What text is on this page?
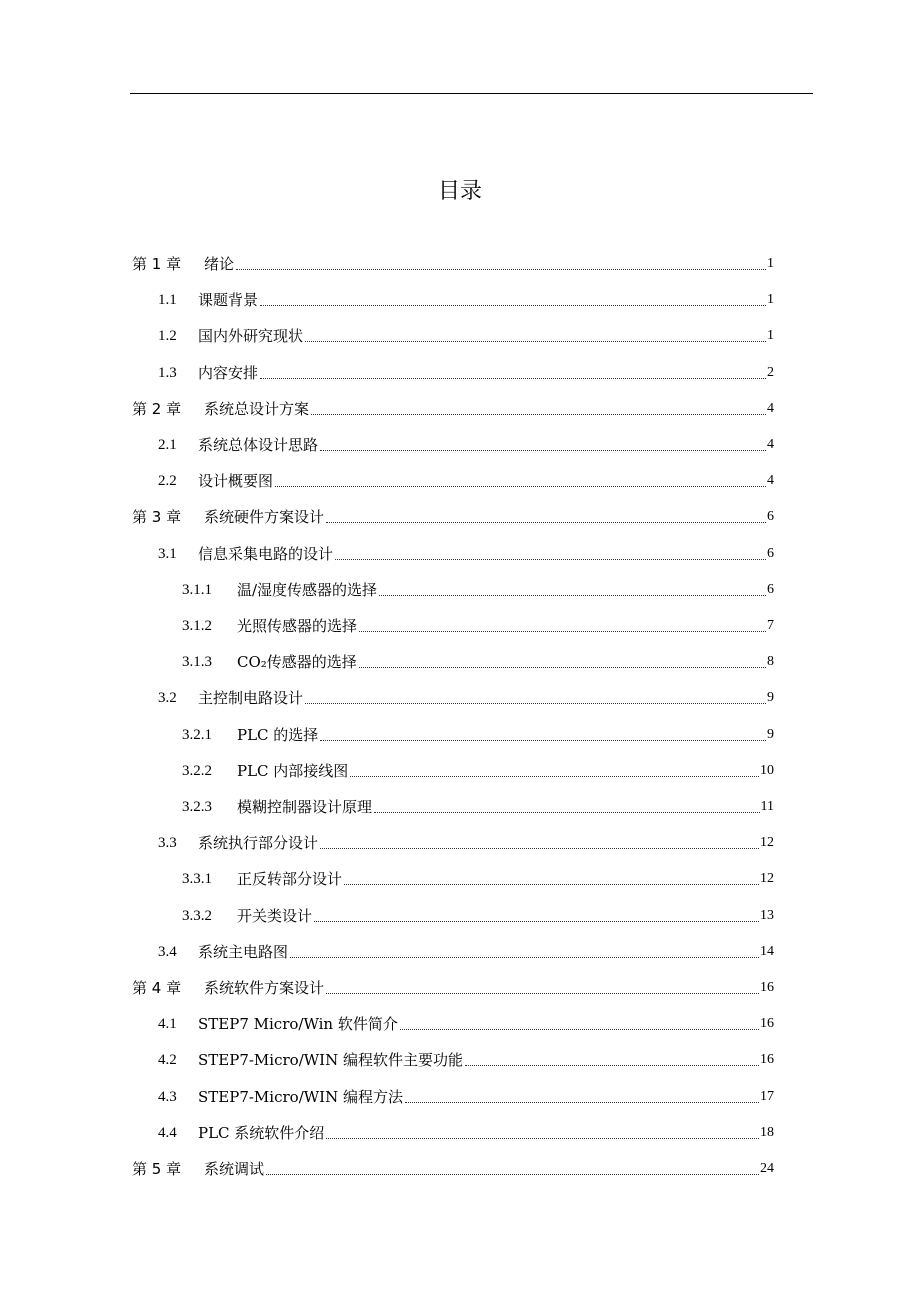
目录
第 1 章	绪论	1
1.1	课题背景	1
1.2	国内外研究现状	1
1.3	内容安排	2
第 2 章	系统总设计方案	4
2.1	系统总体设计思路	4
2.2	设计概要图	4
第 3 章	系统硬件方案设计	6
3.1	信息采集电路的设计	6
3.1.1	温/湿度传感器的选择	6
3.1.2	光照传感器的选择	7
3.1.3	CO₂传感器的选择	8
3.2	主控制电路设计	9
3.2.1	PLC 的选择	9
3.2.2	PLC 内部接线图	10
3.2.3	模糊控制器设计原理	11
3.3	系统执行部分设计	12
3.3.1	正反转部分设计	12
3.3.2	开关类设计	13
3.4	系统主电路图	14
第 4 章	系统软件方案设计	16
4.1	STEP7 Micro/Win 软件简介	16
4.2	STEP7-Micro/WIN 编程软件主要功能	16
4.3	STEP7-Micro/WIN 编程方法	17
4.4	PLC 系统软件介绍	18
第 5 章	系统调试	24
